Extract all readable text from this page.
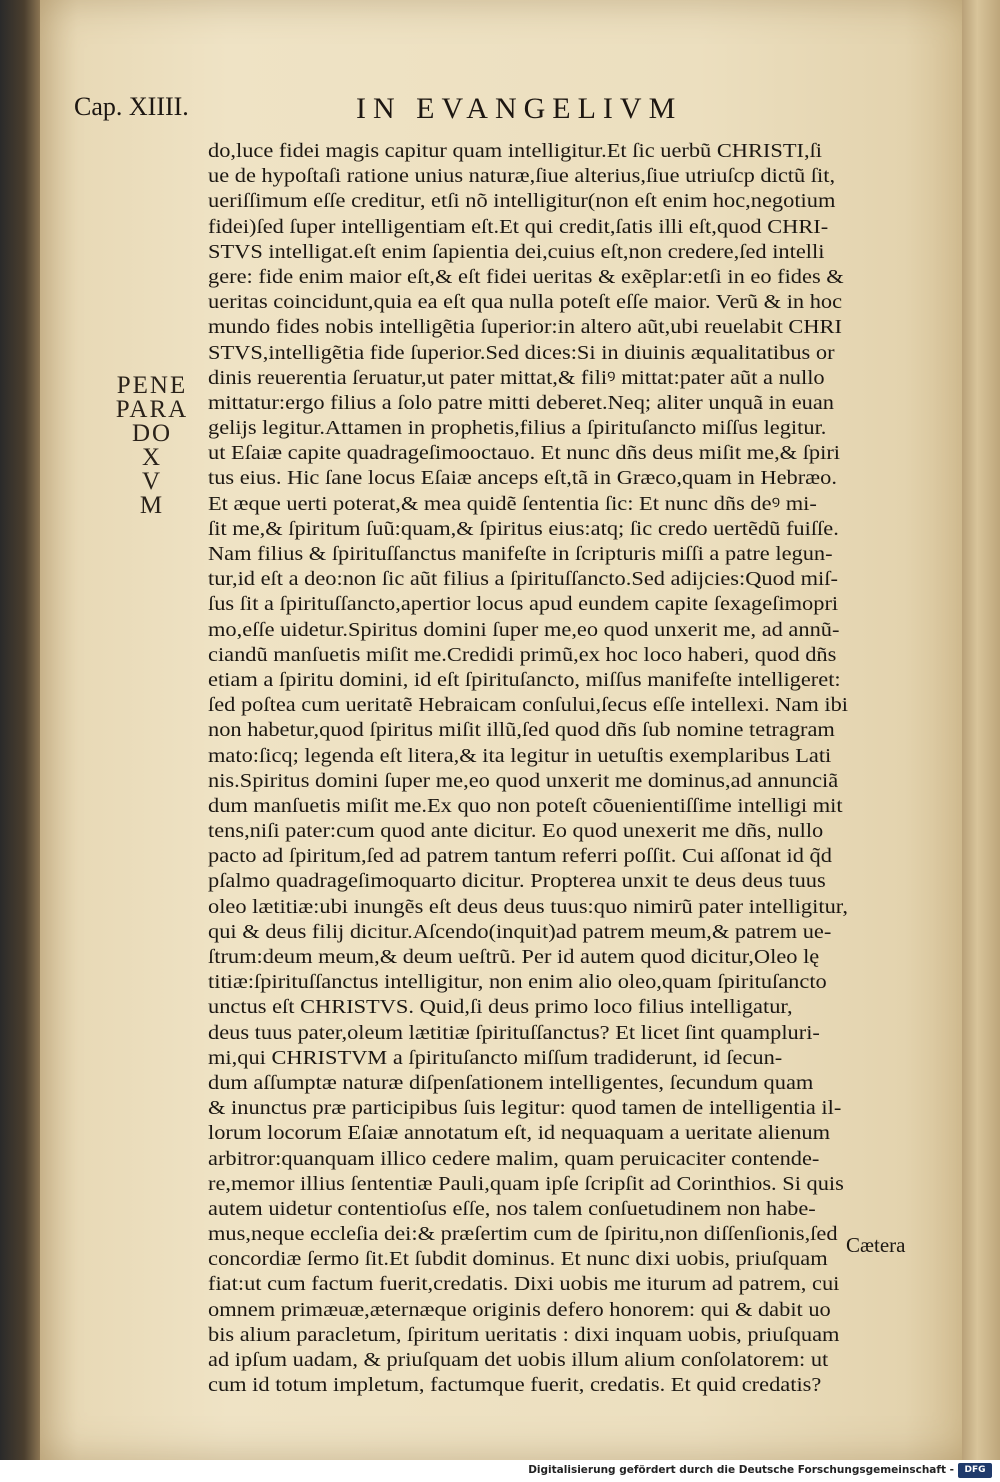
Cap. XIIII.	IN EVANGELIVM
PENE
PARA
DO
X
V
M
do,luce fidei magis capitur quam intelligitur.Et ſic uerbũ CHRISTI,ſi
ue de hypoſtaſi ratione unius naturæ,ſiue alterius,ſiue utriuſcp dictũ ſit,
ueriſſimum eſſe creditur, etſi nõ intelligitur(non eſt enim hoc,negotium
fidei)ſed ſuper intelligentiam eſt.Et qui credit,ſatis illi eſt,quod CHRI-
STVS intelligat.eſt enim ſapientia dei,cuius eſt,non credere,ſed intelli
gere: fide enim maior eſt,& eſt fidei ueritas & exẽplar:etſi in eo fides &
ueritas coincidunt,quia ea eſt qua nulla poteſt eſſe maior. Verũ & in hoc
mundo fides nobis intelligẽtia ſuperior:in altero aũt,ubi reuelabit CHRI
STVS,intelligẽtia fide ſuperior.Sed dices:Si in diuinis æqualitatibus or
dinis reuerentia ſeruatur,ut pater mittat,& filiꝰ mittat:pater aũt a nullo
mittatur:ergo filius a ſolo patre mitti deberet.Neq; aliter unquã in euan
gelijs legitur.Attamen in prophetis,filius a ſpirituſancto miſſus legitur.
ut Eſaiæ capite quadrageſimooctauo. Et nunc dñs deus miſit me,& ſpiri
tus eius. Hic ſane locus Eſaiæ anceps eſt,tã in Græco,quam in Hebræo.
Et æque uerti poterat,& mea quidẽ ſententia ſic: Et nunc dñs deꝰ mi-
ſit me,& ſpiritum ſuũ:quam,& ſpiritus eius:atq; ſic credo uertẽdũ fuiſſe.
Nam filius & ſpirituſſanctus manifeſte in ſcripturis miſſi a patre legun-
tur,id eſt a deo:non ſic aũt filius a ſpirituſſancto.Sed adijcies:Quod miſ-
ſus ſit a ſpirituſſancto,apertior locus apud eundem capite ſexageſimopri
mo,eſſe uidetur.Spiritus domini ſuper me,eo quod unxerit me, ad annũ-
ciandũ manſuetis miſit me.Credidi primũ,ex hoc loco haberi, quod dñs
etiam a ſpiritu domini, id eſt ſpirituſancto, miſſus manifeſte intelligeret:
ſed poſtea cum ueritatẽ Hebraicam conſului,ſecus eſſe intellexi. Nam ibi
non habetur,quod ſpiritus miſit illũ,ſed quod dñs ſub nomine tetragram
mato:ſicq; legenda eſt litera,& ita legitur in uetuſtis exemplaribus Lati
nis.Spiritus domini ſuper me,eo quod unxerit me dominus,ad annunciã
dum manſuetis miſit me.Ex quo non poteſt cõuenientiſſime intelligi mit
tens,niſi pater:cum quod ante dicitur. Eo quod unexerit me dñs, nullo
pacto ad ſpiritum,ſed ad patrem tantum referri poſſit. Cui aſſonat id q̃d
pſalmo quadrageſimoquarto dicitur. Propterea unxit te deus deus tuus
oleo lætitiæ:ubi inungẽs eſt deus deus tuus:quo nimirũ pater intelligitur,
qui & deus filij dicitur.Aſcendo(inquit)ad patrem meum,& patrem ue-
ſtrum:deum meum,& deum ueſtrũ. Per id autem quod dicitur,Oleo lę
titiæ:ſpirituſſanctus intelligitur, non enim alio oleo,quam ſpirituſancto
unctus eſt CHRISTVS. Quid,ſi deus primo loco filius intelligatur,
deus tuus pater,oleum lætitiæ ſpirituſſanctus? Et licet ſint quampluri-
mi,qui CHRISTVM a ſpirituſancto miſſum tradiderunt, id ſecun-
dum aſſumptæ naturæ diſpenſationem intelligentes, ſecundum quam
& inunctus præ participibus ſuis legitur: quod tamen de intelligentia il-
lorum locorum Eſaiæ annotatum eſt, id nequaquam a ueritate alienum
arbitror:quanquam illico cedere malim, quam peruicaciter contende-
re,memor illius ſententiæ Pauli,quam ipſe ſcripſit ad Corinthios. Si quis
autem uidetur contentioſus eſſe, nos talem conſuetudinem non habe-
mus,neque eccleſia dei:& præſertim cum de ſpiritu,non diſſenſionis,ſed
concordiæ ſermo ſit.Et ſubdit dominus. Et nunc dixi uobis, priuſquam
fiat:ut cum factum fuerit,credatis. Dixi uobis me iturum ad patrem, cui
omnem primæuæ,æternæque originis defero honorem: qui & dabit uo
bis alium paracletum, ſpiritum ueritatis : dixi inquam uobis, priuſquam
ad ipſum uadam, & priuſquam det uobis illum alium conſolatorem: ut
cum id totum impletum, factumque fuerit, credatis. Et quid credatis?
Cætera
Digitalisierung gefördert durch die Deutsche Forschungsgemeinschaft -	DFG
